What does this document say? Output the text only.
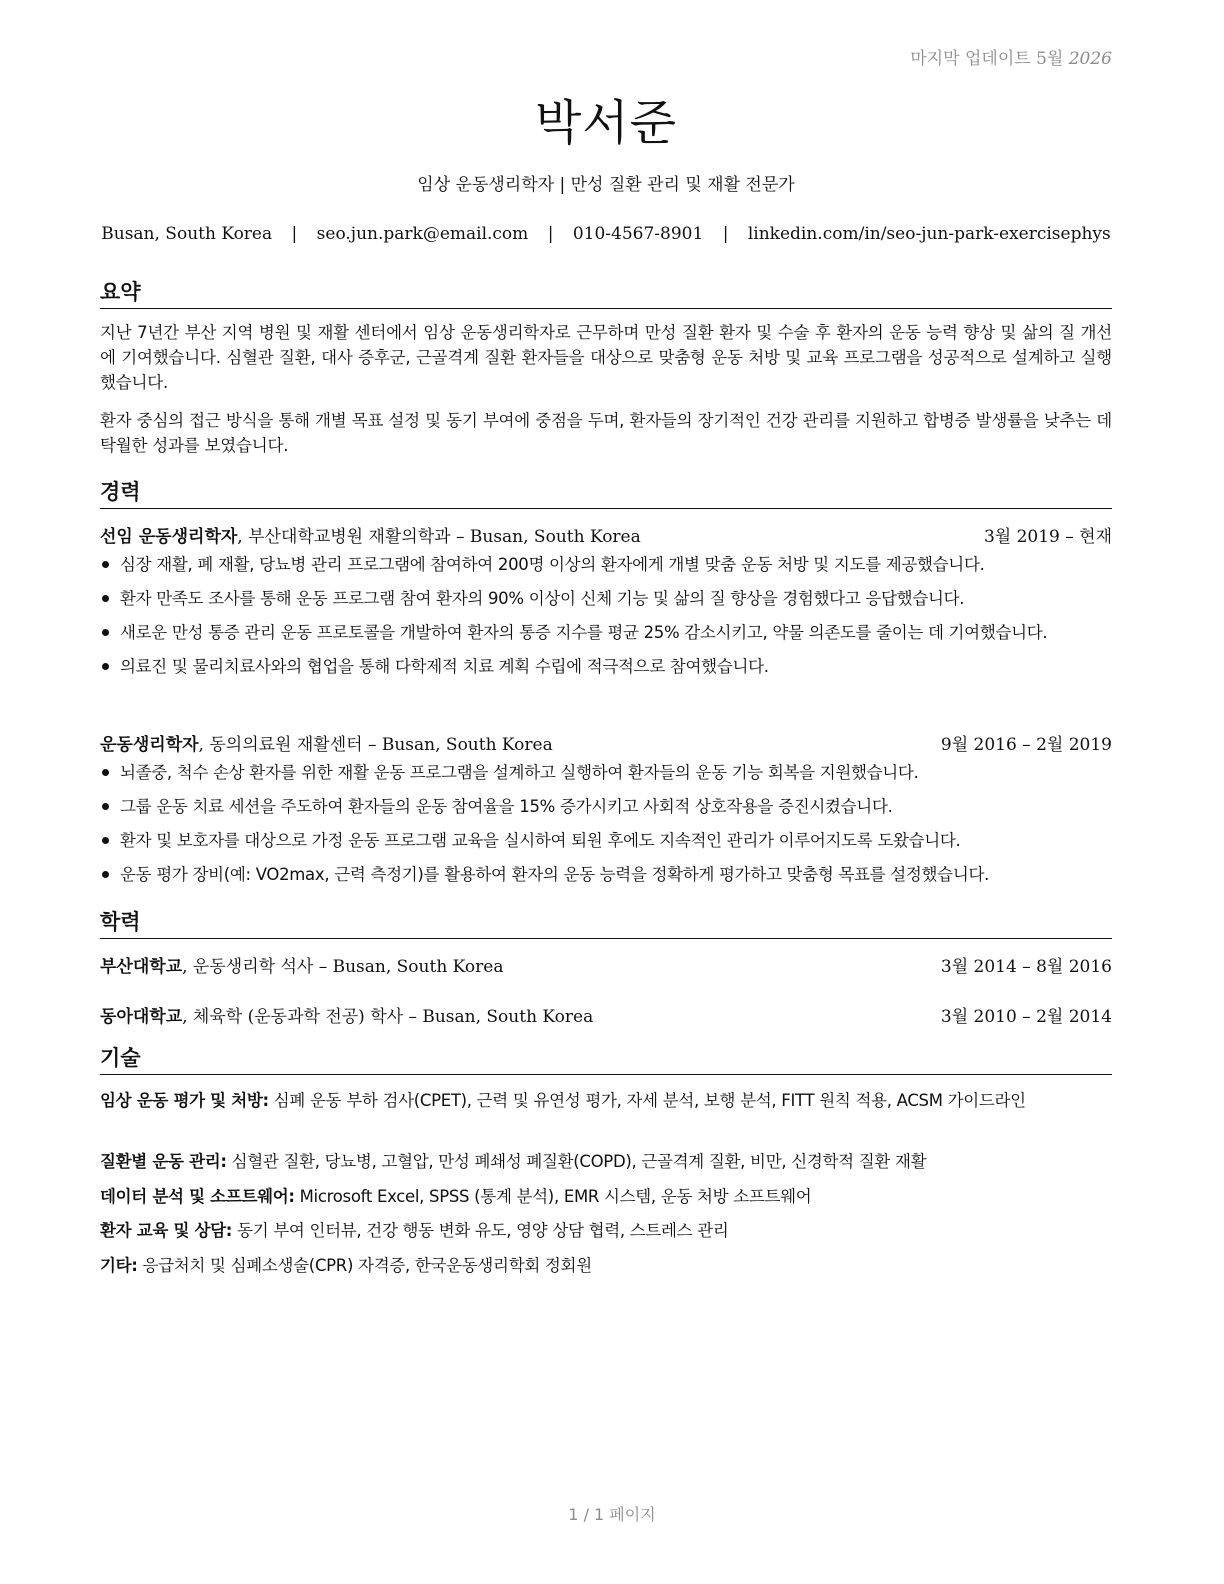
마지막 업데이트 5월 2026
박서준
임상 운동생리학자 | 만성 질환 관리 및 재활 전문가
Busan, South Korea | seo.jun.park@email.com | 010-4567-8901 | linkedin.com/in/seo-jun-park-exercisephys
요약
지난 7년간 부산 지역 병원 및 재활 센터에서 임상 운동생리학자로 근무하며 만성 질환 환자 및 수술 후 환자의 운동 능력 향상 및 삶의 질 개선에 기여했습니다. 심혈관 질환, 대사 증후군, 근골격계 질환 환자들을 대상으로 맞춤형 운동 처방 및 교육 프로그램을 성공적으로 설계하고 실행했습니다.
환자 중심의 접근 방식을 통해 개별 목표 설정 및 동기 부여에 중점을 두며, 환자들의 장기적인 건강 관리를 지원하고 합병증 발생률을 낮추는 데 탁월한 성과를 보였습니다.
경력
선임 운동생리학자, 부산대학교병원 재활의학과 – Busan, South Korea	3월 2019 – 현재
심장 재활, 폐 재활, 당뇨병 관리 프로그램에 참여하여 200명 이상의 환자에게 개별 맞춤 운동 처방 및 지도를 제공했습니다.
환자 만족도 조사를 통해 운동 프로그램 참여 환자의 90% 이상이 신체 기능 및 삶의 질 향상을 경험했다고 응답했습니다.
새로운 만성 통증 관리 운동 프로토콜을 개발하여 환자의 통증 지수를 평균 25% 감소시키고, 약물 의존도를 줄이는 데 기여했습니다.
의료진 및 물리치료사와의 협업을 통해 다학제적 치료 계획 수립에 적극적으로 참여했습니다.
운동생리학자, 동의의료원 재활센터 – Busan, South Korea	9월 2016 – 2월 2019
뇌졸중, 척수 손상 환자를 위한 재활 운동 프로그램을 설계하고 실행하여 환자들의 운동 기능 회복을 지원했습니다.
그룹 운동 치료 세션을 주도하여 환자들의 운동 참여율을 15% 증가시키고 사회적 상호작용을 증진시켰습니다.
환자 및 보호자를 대상으로 가정 운동 프로그램 교육을 실시하여 퇴원 후에도 지속적인 관리가 이루어지도록 도왔습니다.
운동 평가 장비(예: VO2max, 근력 측정기)를 활용하여 환자의 운동 능력을 정확하게 평가하고 맞춤형 목표를 설정했습니다.
학력
부산대학교, 운동생리학 석사 – Busan, South Korea	3월 2014 – 8월 2016
동아대학교, 체육학 (운동과학 전공) 학사 – Busan, South Korea	3월 2010 – 2월 2014
기술
임상 운동 평가 및 처방: 심폐 운동 부하 검사(CPET), 근력 및 유연성 평가, 자세 분석, 보행 분석, FITT 원칙 적용, ACSM 가이드라인
질환별 운동 관리: 심혈관 질환, 당뇨병, 고혈압, 만성 폐쇄성 폐질환(COPD), 근골격계 질환, 비만, 신경학적 질환 재활
데이터 분석 및 소프트웨어: Microsoft Excel, SPSS (통계 분석), EMR 시스템, 운동 처방 소프트웨어
환자 교육 및 상담: 동기 부여 인터뷰, 건강 행동 변화 유도, 영양 상담 협력, 스트레스 관리
기타: 응급처치 및 심폐소생술(CPR) 자격증, 한국운동생리학회 정회원
1 / 1 페이지
